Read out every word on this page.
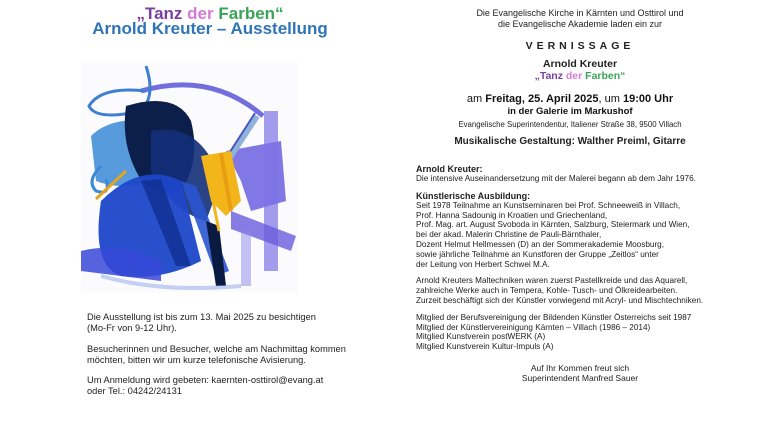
„Tanz der Farben“
Arnold Kreuter – Ausstellung

Die Ausstellung ist bis zum 13. Mai 2025 zu besichtigen
(Mo-Fr von 9-12 Uhr).

Besucherinnen und Besucher, welche am Nachmittag kommen
möchten, bitten wir um kurze telefonische Avisierung.

Um Anmeldung wird gebeten: kaernten-osttirol@evang.at
oder Tel.: 04242/24131

Die Evangelische Kirche in Kärnten und Osttirol und
die Evangelische Akademie laden ein zur
VERNISSAGE
Arnold Kreuter
„Tanz der Farben“
am Freitag, 25. April 2025, um 19:00 Uhr
in der Galerie im Markushof
Evangelische Superintendentur, Italiener Straße 38, 9500 Villach
Musikalische Gestaltung: Walther Preiml, Gitarre
Arnold Kreuter:
Die intensive Auseinandersetzung mit der Malerei begann ab dem Jahr 1976.
Künstlerische Ausbildung:
Seit 1978 Teilnahme an Kunstseminaren bei Prof. Schneeweiß in Villach,
Prof. Hanna Sadounig in Kroatien und Griechenland,
Prof. Mag. art. August Svoboda in Kärnten, Salzburg, Steiermark und Wien,
bei der akad. Malerin Christine de Pauli-Bärnthaler,
Dozent Helmut Hellmessen (D) an der Sommerakademie Moosburg,
sowie jährliche Teilnahme an Kunstforen der Gruppe „Zeitlos“ unter
der Leitung von Herbert Schwei M.A.
Arnold Kreuters Maltechniken waren zuerst Pastellkreide und das Aquarell,
zahlreiche Werke auch in Tempera, Kohle- Tusch- und Ölkreidearbeiten.
Zurzeit beschäftigt sich der Künstler vorwiegend mit Acryl- und Mischtechniken.
Mitglied der Berufsvereinigung der Bildenden Künstler Österreichs seit 1987
Mitglied der Künstlervereinigung Kärnten – Villach (1986 – 2014)
Mitglied Kunstverein postWERK (A)
Mitglied Kunstverein Kultur-Impuls (A)
Auf Ihr Kommen freut sich
Superintendent Manfred Sauer
